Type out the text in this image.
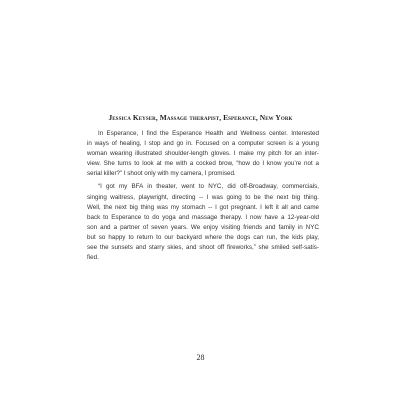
Jessica Keyser, Massage therapist, Esperance, New York

In Esperance, I find the Esperance Health and Wellness center. Interested
in ways of healing, I stop and go in. Focused on a computer screen is a young
woman wearing illustrated shoulder-length gloves. I make my pitch for an inter-
view. She turns to look at me with a cocked brow, “how do I know you’re not a
serial killer?” I shoot only with my camera, I promised.

“I got my BFA in theater, went to NYC, did off-Broadway, commercials,
singing waitress, playwright, directing -- I was going to be the next big thing.
Well, the next big thing was my stomach -- I got pregnant. I left it all and came
back to Esperance to do yoga and massage therapy. I now have a 12-year-old
son and a partner of seven years. We enjoy visiting friends and family in NYC
but so happy to return to our backyard where the dogs can run, the kids play,
see the sunsets and starry skies, and shoot off fireworks,” she smiled self-satis-
fied.

28
